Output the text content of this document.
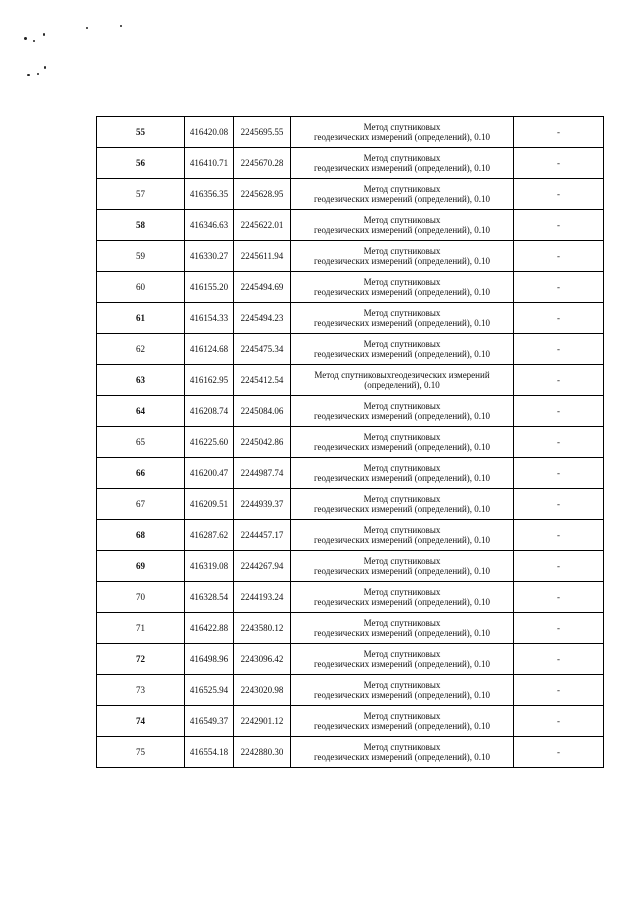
55	416420.08	2245695.55	Метод спутниковых
геодезических измерений (определений), 0.10	-
56	416410.71	2245670.28	Метод спутниковых
геодезических измерений (определений), 0.10	-
57	416356.35	2245628.95	Метод спутниковых
геодезических измерений (определений), 0.10	-
58	416346.63	2245622.01	Метод спутниковых
геодезических измерений (определений), 0.10	-
59	416330.27	2245611.94	Метод спутниковых
геодезических измерений (определений), 0.10	-
60	416155.20	2245494.69	Метод спутниковых
геодезических измерений (определений), 0.10	-
61	416154.33	2245494.23	Метод спутниковых
геодезических измерений (определений), 0.10	-
62	416124.68	2245475.34	Метод спутниковых
геодезических измерений (определений), 0.10	-
63	416162.95	2245412.54	Метод спутниковыхгеодезических измерений
(определений), 0.10	-
64	416208.74	2245084.06	Метод спутниковых
геодезических измерений (определений), 0.10	-
65	416225.60	2245042.86	Метод спутниковых
геодезических измерений (определений), 0.10	-
66	416200.47	2244987.74	Метод спутниковых
геодезических измерений (определений), 0.10	-
67	416209.51	2244939.37	Метод спутниковых
геодезических измерений (определений), 0.10	-
68	416287.62	2244457.17	Метод спутниковых
геодезических измерений (определений), 0.10	-
69	416319.08	2244267.94	Метод спутниковых
геодезических измерений (определений), 0.10	-
70	416328.54	2244193.24	Метод спутниковых
геодезических измерений (определений), 0.10	-
71	416422.88	2243580.12	Метод спутниковых
геодезических измерений (определений), 0.10	-
72	416498.96	2243096.42	Метод спутниковых
геодезических измерений (определений), 0.10	-
73	416525.94	2243020.98	Метод спутниковых
геодезических измерений (определений), 0.10	-
74	416549.37	2242901.12	Метод спутниковых
геодезических измерений (определений), 0.10	-
75	416554.18	2242880.30	Метод спутниковых
геодезических измерений (определений), 0.10	-
